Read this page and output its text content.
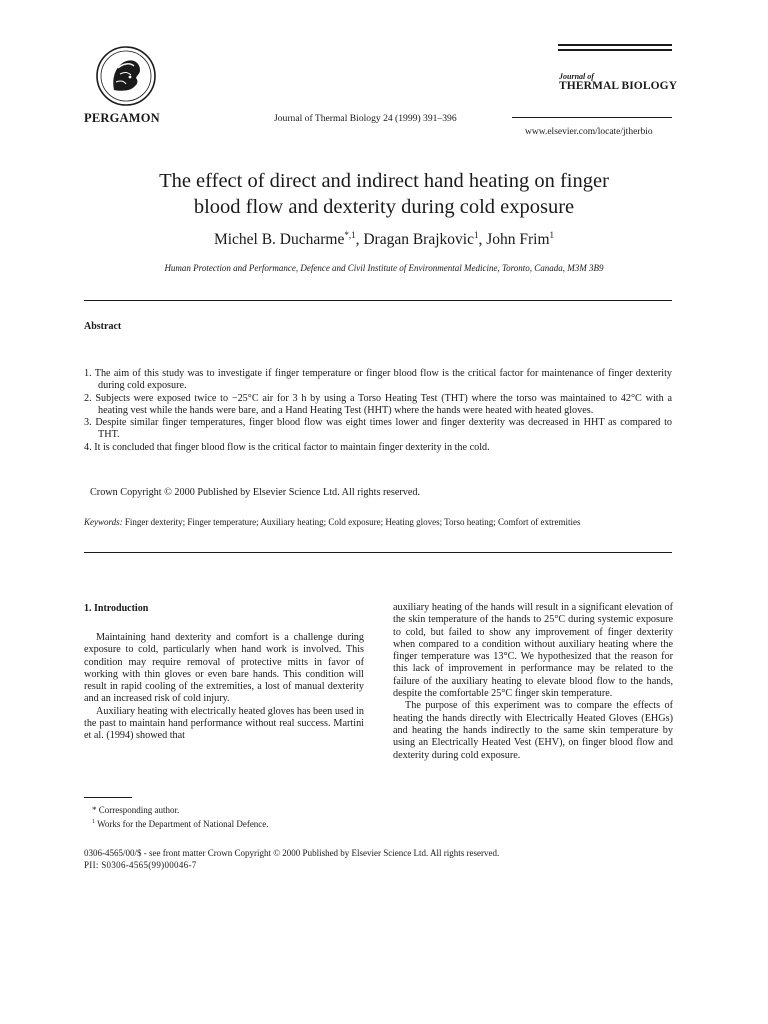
PERGAMON	Journal of Thermal Biology 24 (1999) 391–396
Journal of
THERMAL BIOLOGY
www.elsevier.com/locate/jtherbio
The effect of direct and indirect hand heating on finger
blood flow and dexterity during cold exposure
Michel B. Ducharme$^{*,1}$, Dragan Brajkovic$^1$, John Frim$^1$
Human Protection and Performance, Defence and Civil Institute of Environmental Medicine, Toronto, Canada, M3M 3B9
Abstract
1. The aim of this study was to investigate if finger temperature or finger blood flow is the critical factor for maintenance of finger dexterity during cold exposure.
2. Subjects were exposed twice to −25°C air for 3 h by using a Torso Heating Test (THT) where the torso was maintained to 42°C with a heating vest while the hands were bare, and a Hand Heating Test (HHT) where the hands were heated with heated gloves.
3. Despite similar finger temperatures, finger blood flow was eight times lower and finger dexterity was decreased in HHT as compared to THT.
4. It is concluded that finger blood flow is the critical factor to maintain finger dexterity in the cold.
Crown Copyright © 2000 Published by Elsevier Science Ltd. All rights reserved.
Keywords: Finger dexterity; Finger temperature; Auxiliary heating; Cold exposure; Heating gloves; Torso heating; Comfort of extremities
1. Introduction

Maintaining hand dexterity and comfort is a challenge during exposure to cold, particularly when hand work is involved. This condition may require removal of protective mitts in favor of working with thin gloves or even bare hands. This condition will result in rapid cooling of the extremities, a lost of manual dexterity and an increased risk of cold injury.

Auxiliary heating with electrically heated gloves has been used in the past to maintain hand performance without real success. Martini et al. (1994) showed that

auxiliary heating of the hands will result in a significant elevation of the skin temperature of the hands to 25°C during systemic exposure to cold, but failed to show any improvement of finger dexterity when compared to a condition without auxiliary heating where the finger temperature was 13°C. We hypothesized that the reason for this lack of improvement in performance may be related to the failure of the auxiliary heating to elevate blood flow to the hands, despite the comfortable 25°C finger skin temperature.

The purpose of this experiment was to compare the effects of heating the hands directly with Electrically Heated Gloves (EHGs) and heating the hands indirectly to the same skin temperature by using an Electrically Heated Vest (EHV), on finger blood flow and dexterity during cold exposure.

* Corresponding author.
$^1$ Works for the Department of National Defence.
0306-4565/00/$ - see front matter Crown Copyright © 2000 Published by Elsevier Science Ltd. All rights reserved.
PII: S0306-4565(99)00046-7
